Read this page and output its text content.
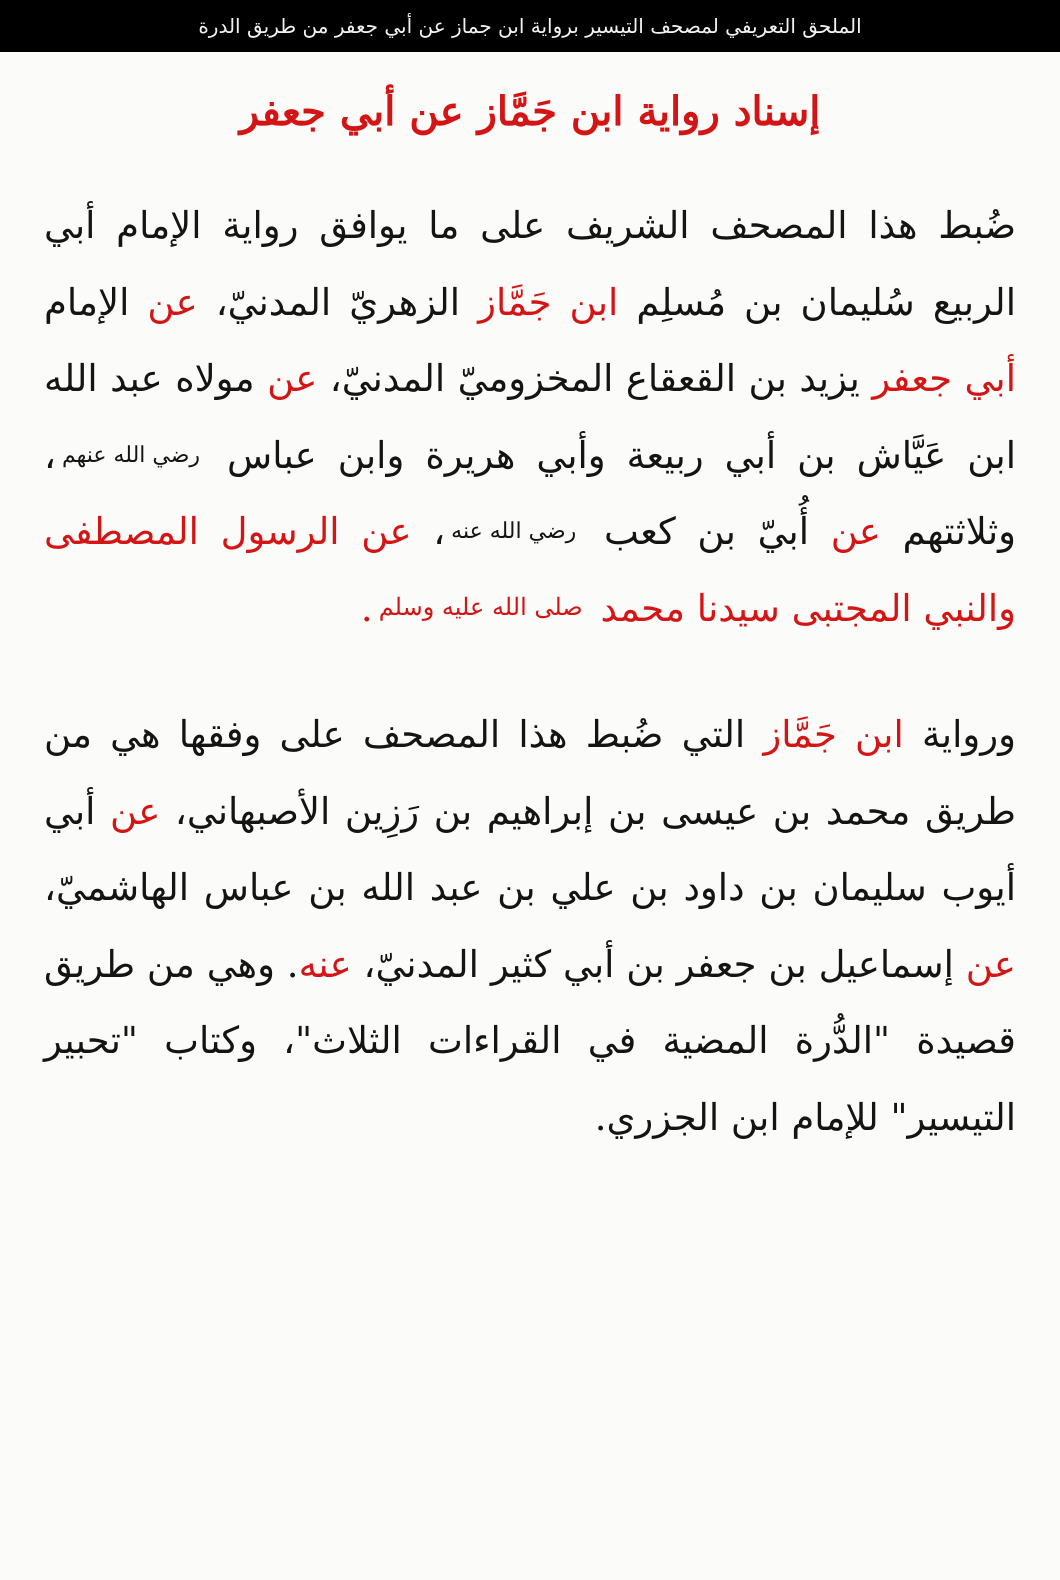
الملحق التعريفي لمصحف التيسير برواية ابن جماز عن أبي جعفر من طريق الدرة
إسناد رواية ابن جَمَّاز عن أبي جعفر

ضُبط هذا المصحف الشريف على ما يوافق رواية الإمام أبي الربيع سُليمان بن مُسلِم ابن جَمَّاز الزهريّ المدنيّ، عن الإمام أبي جعفر يزيد بن القعقاع المخزوميّ المدنيّ، عن مولاه عبد الله ابن عَيَّاش بن أبي ربيعة وأبي هريرة وابن عباس رضي الله عنهم، وثلاثتهم عن أُبيّ بن كعب رضي الله عنه، عن الرسول المصطفى والنبي المجتبى سيدنا محمد صلى الله عليه وسلم.

ورواية ابن جَمَّاز التي ضُبط هذا المصحف على وفقها هي من طريق محمد بن عيسى بن إبراهيم بن رَزِين الأصبهاني، عن أبي أيوب سليمان بن داود بن علي بن عبد الله بن عباس الهاشميّ، عن إسماعيل بن جعفر بن أبي كثير المدنيّ، عنه. وهي من طريق قصيدة "الدُّرة المضية في القراءات الثلاث"، وكتاب "تحبير التيسير" للإمام ابن الجزري.
